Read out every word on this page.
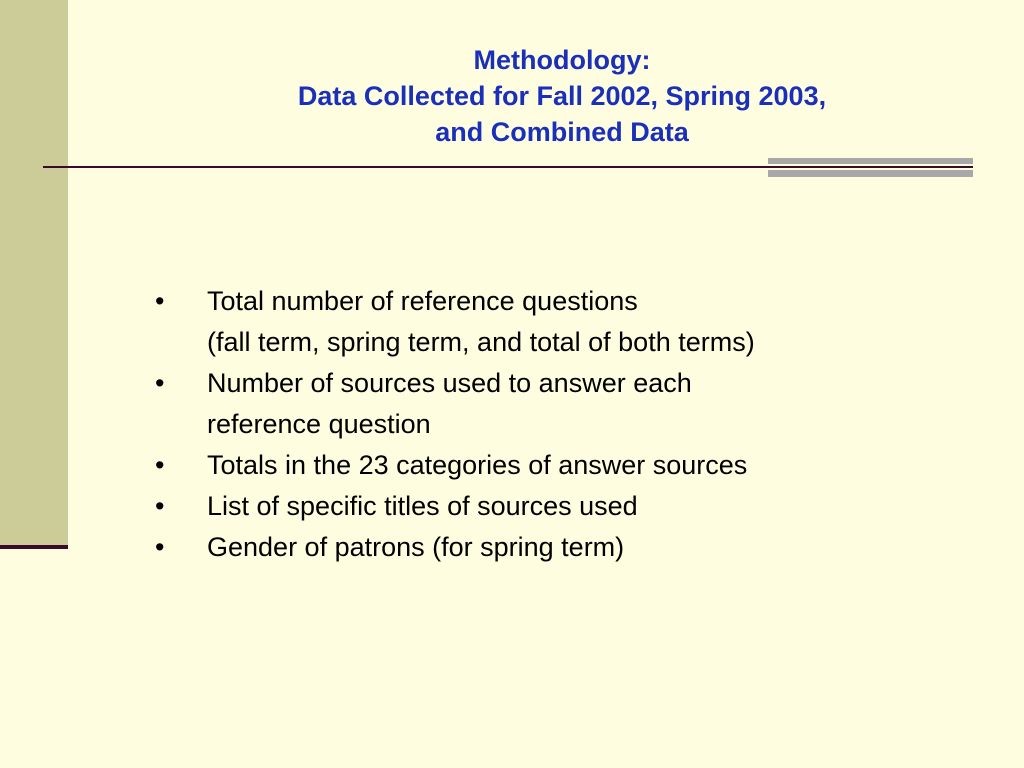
Methodology:
Data Collected for Fall 2002, Spring 2003,
and Combined Data
• Total number of reference questions
(fall term, spring term, and total of both terms)
• Number of sources used to answer each
reference question
• Totals in the 23 categories of answer sources
• List of specific titles of sources used
• Gender of patrons (for spring term)
